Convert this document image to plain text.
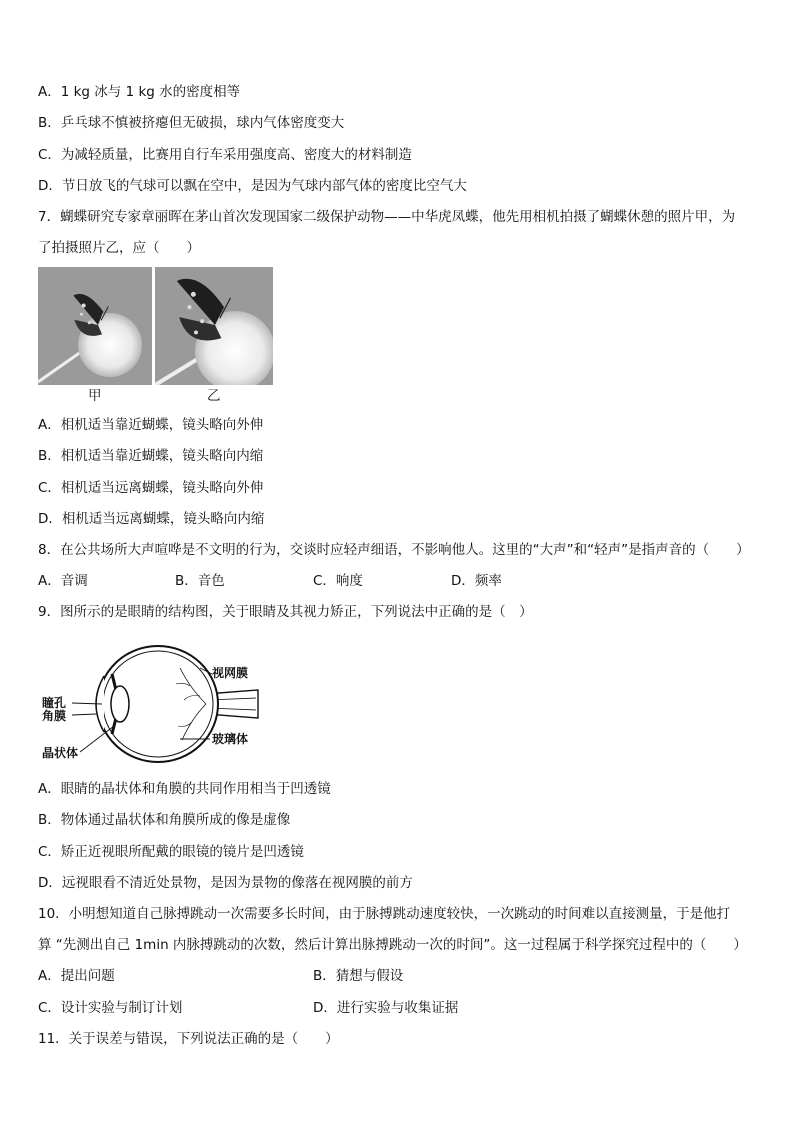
A．1 kg 冰与 1 kg 水的密度相等
B．乒乓球不慎被挤瘪但无破损，球内气体密度变大
C．为减轻质量，比赛用自行车采用强度高、密度大的材料制造
D．节日放飞的气球可以飘在空中，是因为气球内部气体的密度比空气大
7．蝴蝶研究专家章丽晖在茅山首次发现国家二级保护动物——中华虎凤蝶，他先用相机拍摄了蝴蝶休憩的照片甲，为
了拍摄照片乙，应（　　）
甲	乙
A．相机适当靠近蝴蝶，镜头略向外伸
B．相机适当靠近蝴蝶，镜头略向内缩
C．相机适当远离蝴蝶，镜头略向外伸
D．相机适当远离蝴蝶，镜头略向内缩
8．在公共场所大声喧哗是不文明的行为，交谈时应轻声细语，不影响他人。这里的“大声”和“轻声”是指声音的（　　）
A．音调	B．音色	C．响度	D．频率
9．图所示的是眼睛的结构图，关于眼睛及其视力矫正，下列说法中正确的是（　）
视网膜
瞳孔
角膜
玻璃体
晶状体
A．眼睛的晶状体和角膜的共同作用相当于凹透镜
B．物体通过晶状体和角膜所成的像是虚像
C．矫正近视眼所配戴的眼镜的镜片是凹透镜
D．远视眼看不清近处景物，是因为景物的像落在视网膜的前方
10．小明想知道自己脉搏跳动一次需要多长时间，由于脉搏跳动速度较快，一次跳动的时间难以直接测量，于是他打
算 “先测出自己 1min 内脉搏跳动的次数，然后计算出脉搏跳动一次的时间”。这一过程属于科学探究过程中的（　　）
A．提出问题	B．猜想与假设
C．设计实验与制订计划	D．进行实验与收集证据
11．关于误差与错误，下列说法正确的是（　　）
